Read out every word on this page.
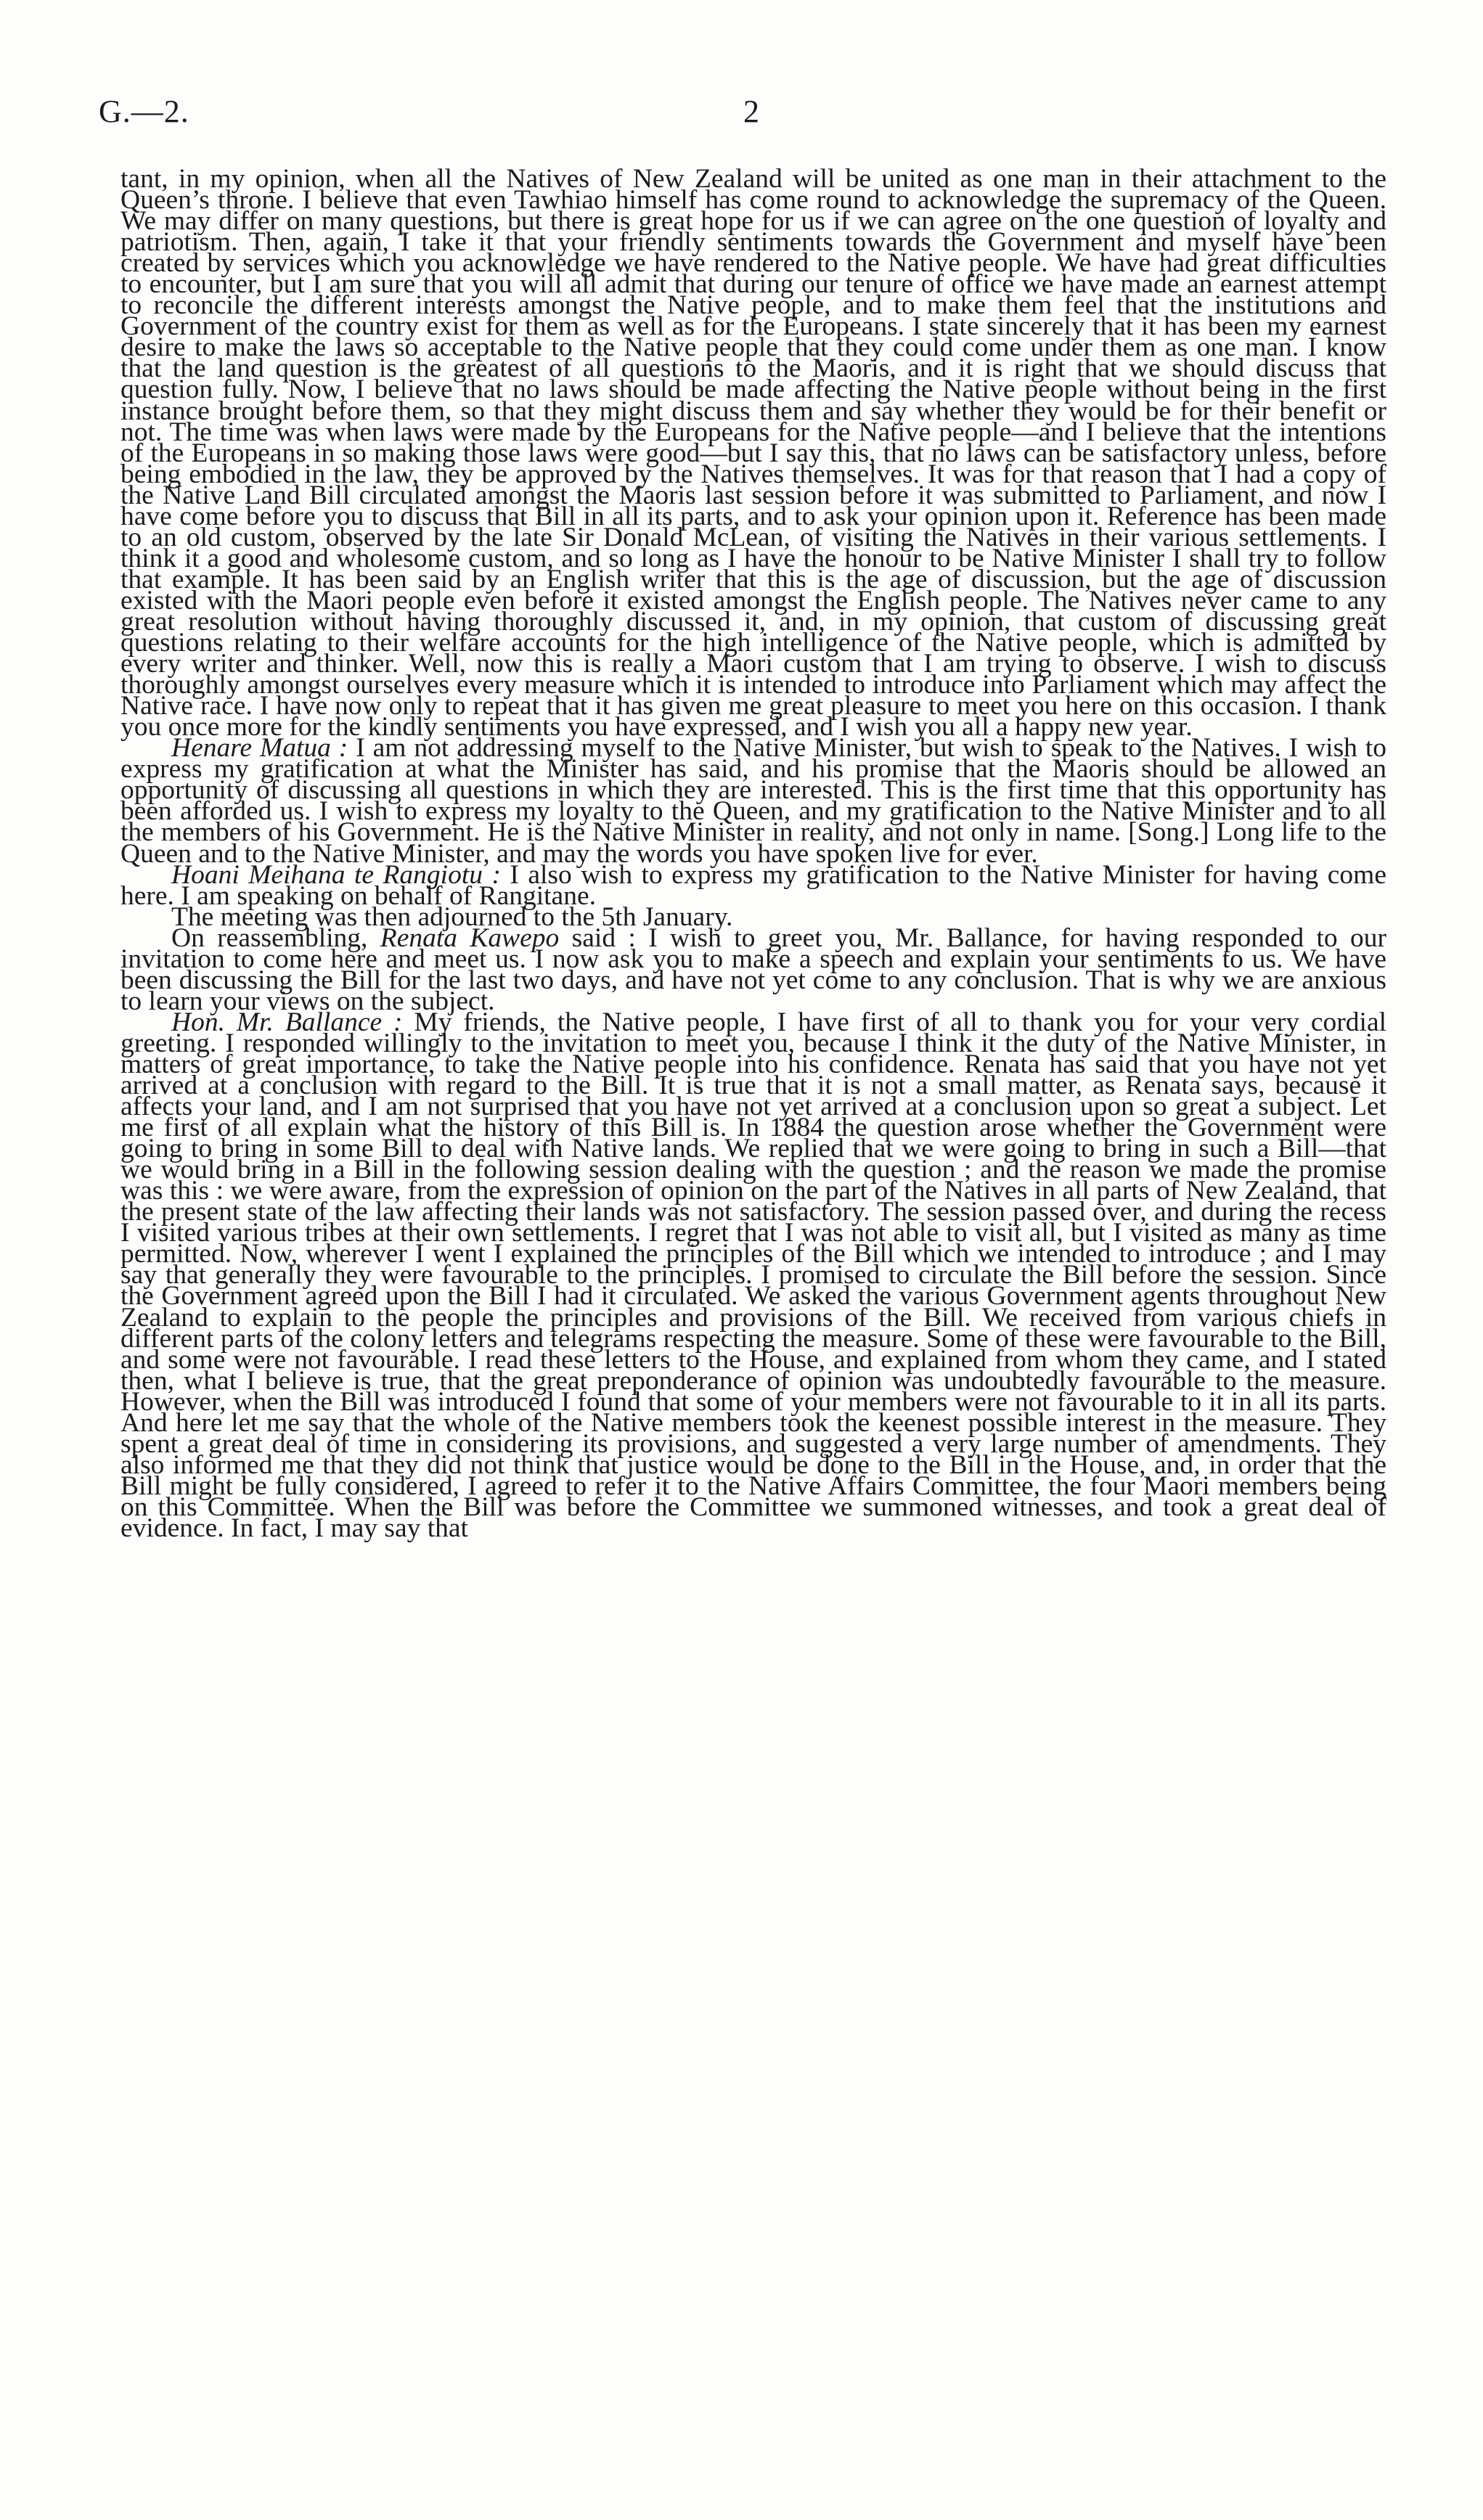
G.—2.	2

tant, in my opinion, when all the Natives of New Zealand will be united as one man in their attachment to the Queen’s throne. I believe that even Tawhiao himself has come round to acknowledge the supremacy of the Queen. We may differ on many questions, but there is great hope for us if we can agree on the one question of loyalty and patriotism. Then, again, I take it that your friendly sentiments towards the Government and myself have been created by services which you acknowledge we have rendered to the Native people. We have had great difficulties to encounter, but I am sure that you will all admit that during our tenure of office we have made an earnest attempt to reconcile the different interests amongst the Native people, and to make them feel that the institutions and Government of the country exist for them as well as for the Europeans. I state sincerely that it has been my earnest desire to make the laws so acceptable to the Native people that they could come under them as one man. I know that the land question is the greatest of all questions to the Maoris, and it is right that we should discuss that question fully. Now, I believe that no laws should be made affecting the Native people without being in the first instance brought before them, so that they might discuss them and say whether they would be for their benefit or not. The time was when laws were made by the Europeans for the Native people—and I believe that the intentions of the Europeans in so making those laws were good—but I say this, that no laws can be satisfactory unless, before being embodied in the law, they be approved by the Natives themselves. It was for that reason that I had a copy of the Native Land Bill circulated amongst the Maoris last session before it was submitted to Parliament, and now I have come before you to discuss that Bill in all its parts, and to ask your opinion upon it. Reference has been made to an old custom, observed by the late Sir Donald McLean, of visiting the Natives in their various settlements. I think it a good and wholesome custom, and so long as I have the honour to be Native Minister I shall try to follow that example. It has been said by an English writer that this is the age of discussion, but the age of discussion existed with the Maori people even before it existed amongst the English people. The Natives never came to any great resolution without having thoroughly discussed it, and, in my opinion, that custom of discussing great questions relating to their welfare accounts for the high intelligence of the Native people, which is admitted by every writer and thinker. Well, now this is really a Maori custom that I am trying to observe. I wish to discuss thoroughly amongst ourselves every measure which it is intended to introduce into Parliament which may affect the Native race. I have now only to repeat that it has given me great pleasure to meet you here on this occasion. I thank you once more for the kindly sentiments you have expressed, and I wish you all a happy new year.

Henare Matua : I am not addressing myself to the Native Minister, but wish to speak to the Natives. I wish to express my gratification at what the Minister has said, and his promise that the Maoris should be allowed an opportunity of discussing all questions in which they are interested. This is the first time that this opportunity has been afforded us. I wish to express my loyalty to the Queen, and my gratification to the Native Minister and to all the members of his Government. He is the Native Minister in reality, and not only in name. [Song.] Long life to the Queen and to the Native Minister, and may the words you have spoken live for ever.

Hoani Meihana te Rangiotu : I also wish to express my gratification to the Native Minister for having come here. I am speaking on behalf of Rangitane.

The meeting was then adjourned to the 5th January.

On reassembling, Renata Kawepo said : I wish to greet you, Mr. Ballance, for having responded to our invitation to come here and meet us. I now ask you to make a speech and explain your sentiments to us. We have been discussing the Bill for the last two days, and have not yet come to any conclusion. That is why we are anxious to learn your views on the subject.

Hon. Mr. Ballance : My friends, the Native people, I have first of all to thank you for your very cordial greeting. I responded willingly to the invitation to meet you, because I think it the duty of the Native Minister, in matters of great importance, to take the Native people into his confidence. Renata has said that you have not yet arrived at a conclusion with regard to the Bill. It is true that it is not a small matter, as Renata says, because it affects your land, and I am not surprised that you have not yet arrived at a conclusion upon so great a subject. Let me first of all explain what the history of this Bill is. In 1884 the question arose whether the Government were going to bring in some Bill to deal with Native lands. We replied that we were going to bring in such a Bill—that we would bring in a Bill in the following session dealing with the question ; and the reason we made the promise was this : we were aware, from the expression of opinion on the part of the Natives in all parts of New Zealand, that the present state of the law affecting their lands was not satisfactory. The session passed over, and during the recess I visited various tribes at their own settlements. I regret that I was not able to visit all, but I visited as many as time permitted. Now, wherever I went I explained the principles of the Bill which we intended to introduce ; and I may say that generally they were favourable to the principles. I promised to circulate the Bill before the session. Since the Government agreed upon the Bill I had it circulated. We asked the various Government agents throughout New Zealand to explain to the people the principles and provisions of the Bill. We received from various chiefs in different parts of the colony letters and telegrams respecting the measure. Some of these were favourable to the Bill, and some were not favourable. I read these letters to the House, and explained from whom they came, and I stated then, what I believe is true, that the great preponderance of opinion was undoubtedly favourable to the measure. However, when the Bill was introduced I found that some of your members were not favourable to it in all its parts. And here let me say that the whole of the Native members took the keenest possible interest in the measure. They spent a great deal of time in considering its provisions, and suggested a very large number of amendments. They also informed me that they did not think that justice would be done to the Bill in the House, and, in order that the Bill might be fully considered, I agreed to refer it to the Native Affairs Committee, the four Maori members being on this Committee. When the Bill was before the Committee we summoned witnesses, and took a great deal of evidence. In fact, I may say that
